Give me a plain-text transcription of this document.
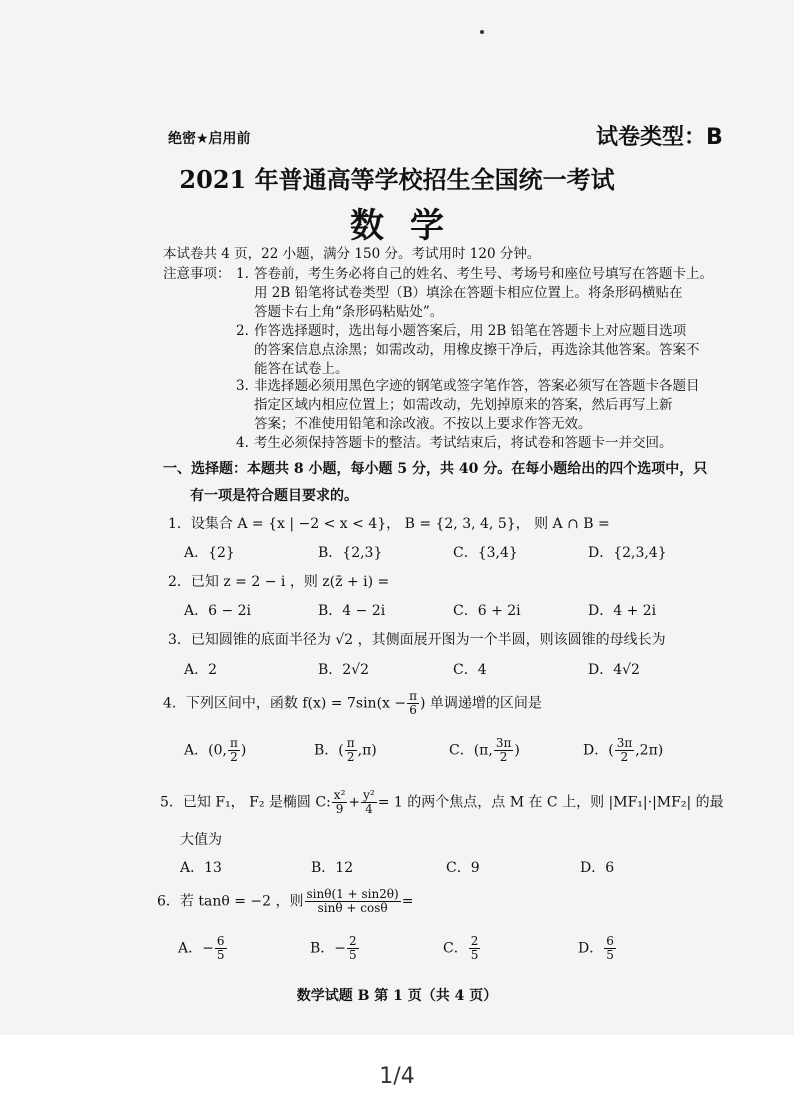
绝密★启用前	试卷类型：B
2021 年普通高等学校招生全国统一考试
数学
本试卷共 4 页，22 小题，满分 150 分。考试用时 120 分钟。
注意事项： 1. 答卷前，考生务必将自己的姓名、考生号、考场号和座位号填写在答题卡上。
用 2B 铅笔将试卷类型（B）填涂在答题卡相应位置上。将条形码横贴在
答题卡右上角“条形码粘贴处”。
2. 作答选择题时，选出每小题答案后，用 2B 铅笔在答题卡上对应题目选项
的答案信息点涂黑；如需改动，用橡皮擦干净后，再选涂其他答案。答案不
能答在试卷上。
3. 非选择题必须用黑色字迹的钢笔或签字笔作答，答案必须写在答题卡各题目
指定区域内相应位置上；如需改动，先划掉原来的答案，然后再写上新
答案；不准使用铅笔和涂改液。不按以上要求作答无效。
4. 考生必须保持答题卡的整洁。考试结束后，将试卷和答题卡一并交回。
一、选择题：本题共 8 小题，每小题 5 分，共 40 分。在每小题给出的四个选项中，只
有一项是符合题目要求的。
1．设集合 A = {x | −2 < x < 4}， B = {2, 3, 4, 5}， 则 A ∩ B =
A．{2}	B．{2,3}	C．{3,4}	D．{2,3,4}
2．已知 z = 2 − i ，则 z(z̄ + i) =
A．6 − 2i	B．4 − 2i	C．6 + 2i	D．4 + 2i
3．已知圆锥的底面半径为 √2 ，其侧面展开图为一个半圆，则该圆锥的母线长为
A．2	B．2√2	C．4	D．4√2
4．下列区间中，函数 $f(x) = 7\sin(x - \frac{\pi}{6}$ ) 单调递增的区间是
A．(0, $\frac{\pi}{2}$ )	B．( $\frac{\pi}{2} ,\pi$)	C．(π, $\frac{3\pi}{2}$ )	D．( $\frac{3\pi}{2} ,2\pi$)
5．已知 F₁， F₂ 是椭圆 C: $\frac{\text{x²}}{9} + \frac{\text{y²}}{4} = 1$ 的两个焦点，点 M 在 C 上，则 |MF₁|·|MF₂| 的最
大值为
A．13	B．12	C．9	D．6
6．若 tanθ = −2 ，则 $\frac{\sin\theta(1 + \sin 2\theta)}{\sin\theta + \cos\theta}$ =
A．− $\frac{6}{5}$	B．− $\frac{2}{5}$	C． $\frac{2}{5}$	D． $\frac{6}{5}$
数学试题 B 第 1 页（共 4 页）
1/4
